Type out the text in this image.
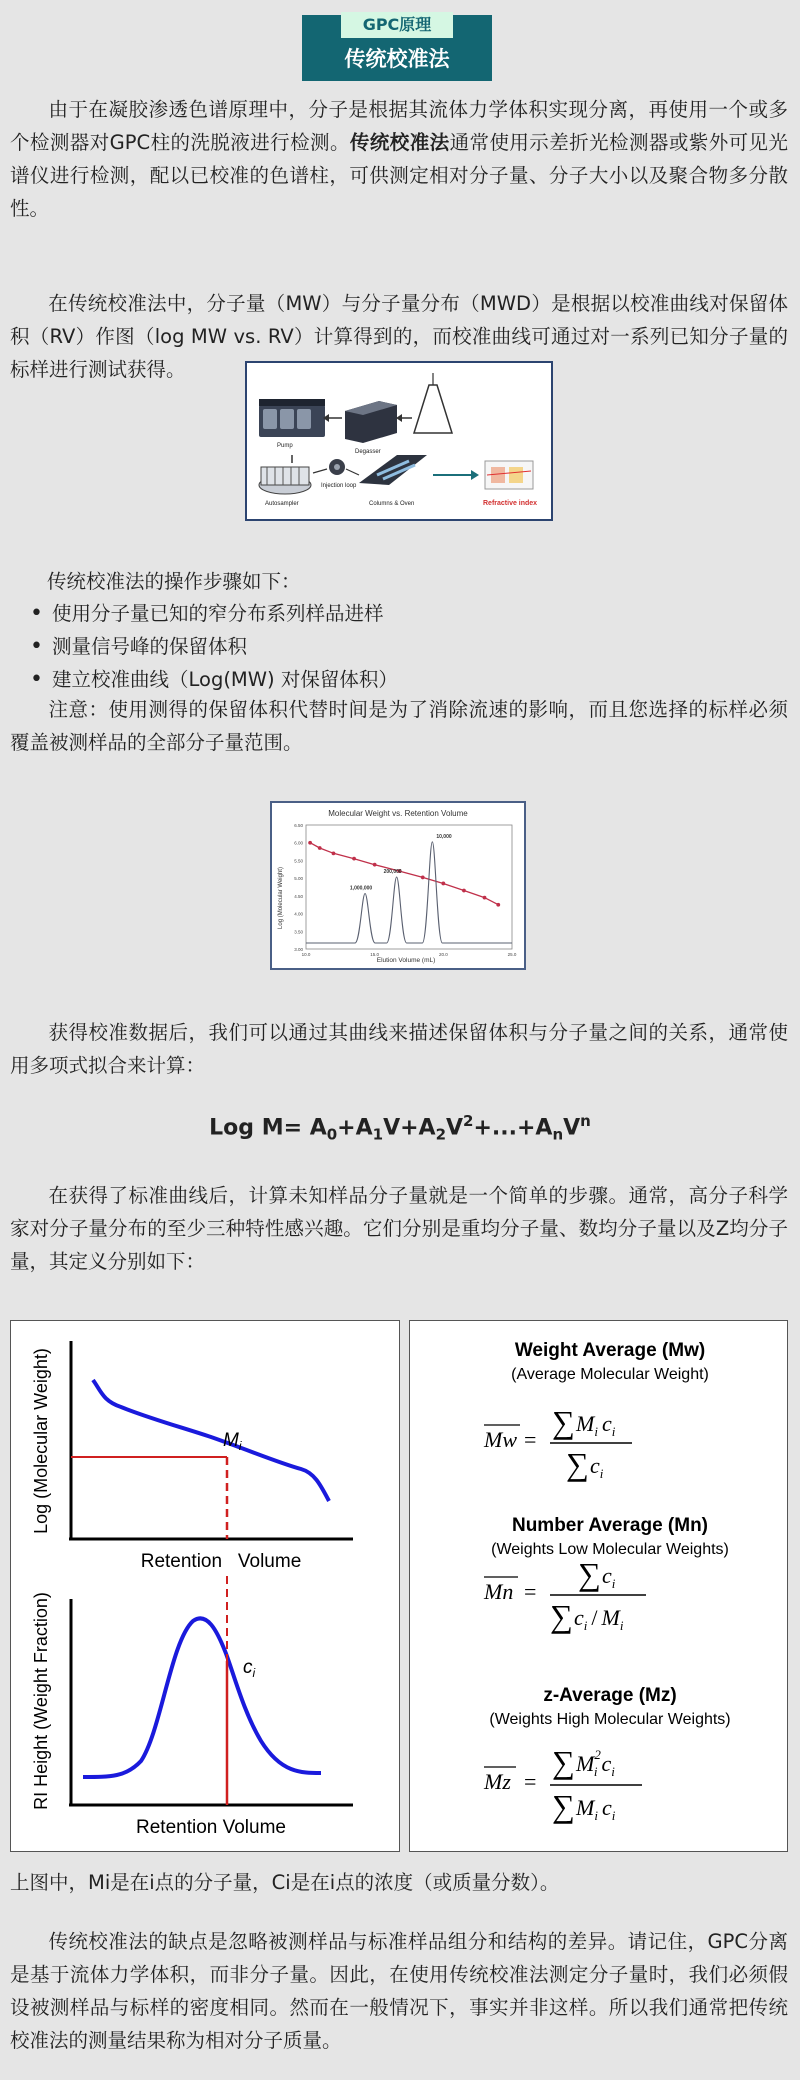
GPC原理
传统校准法
由于在凝胶渗透色谱原理中，分子是根据其流体力学体积实现分离，再使用一个或多个检测器对GPC柱的洗脱液进行检测。传统校准法通常使用示差折光检测器或紫外可见光谱仪进行检测，配以已校准的色谱柱，可供测定相对分子量、分子大小以及聚合物多分散性。
在传统校准法中，分子量（MW）与分子量分布（MWD）是根据以校准曲线对保留体积（RV）作图（log MW vs. RV）计算得到的，而校准曲线可通过对一系列已知分子量的标样进行测试获得。
Pump
Degasser
Autosampler
Injection loop
Columns & Oven	Refractive index
传统校准法的操作步骤如下：
• 使用分子量已知的窄分布系列样品进样
• 测量信号峰的保留体积
• 建立校准曲线（Log(MW) 对保留体积）
注意：使用测得的保留体积代替时间是为了消除流速的影响，而且您选择的标样必须覆盖被测样品的全部分子量范围。
Molecular Weight vs. Retention Volume
Log (Molecular Weight)
Elution Volume (mL)
6.50
6.00
5.50
5.00
4.50
4.00
3.50
3.00
10.0	15.0	20.0	25.0
1,000,000
200,000
10,000
获得校准数据后，我们可以通过其曲线来描述保留体积与分子量之间的关系，通常使用多项式拟合来计算：
Log $M= A_0+A_1V+A_2V^2+...+A_nV^n$
在获得了标准曲线后，计算未知样品分子量就是一个简单的步骤。通常，高分子科学家对分子量分布的至少三种特性感兴趣。它们分别是重均分子量、数均分子量以及Z均分子量，其定义分别如下：
Log (Molecular Weight)
Retention   Volume
$M_i$
RI Height (Weight Fraction)
Retention Volume
$c_i$
Weight Average (Mw)
(Average Molecular Weight)
Mw = ∑ $M_i$ $c_i$
∑ $c_i$
Number Average (Mn)
(Weights Low Molecular Weights)
Mn = ∑ $c_i$
∑ $c_i / M_i$
z-Average (Mz)
(Weights High Molecular Weights)
Mz =
∑ $M^2$ i $c_i$
∑ $M_i$ $c_i$
上图中，Mi是在i点的分子量，Ci是在i点的浓度（或质量分数）。
传统校准法的缺点是忽略被测样品与标准样品组分和结构的差异。请记住，GPC分离是基于流体力学体积，而非分子量。因此，在使用传统校准法测定分子量时，我们必须假设被测样品与标样的密度相同。然而在一般情况下，事实并非这样。所以我们通常把传统校准法的测量结果称为相对分子质量。
